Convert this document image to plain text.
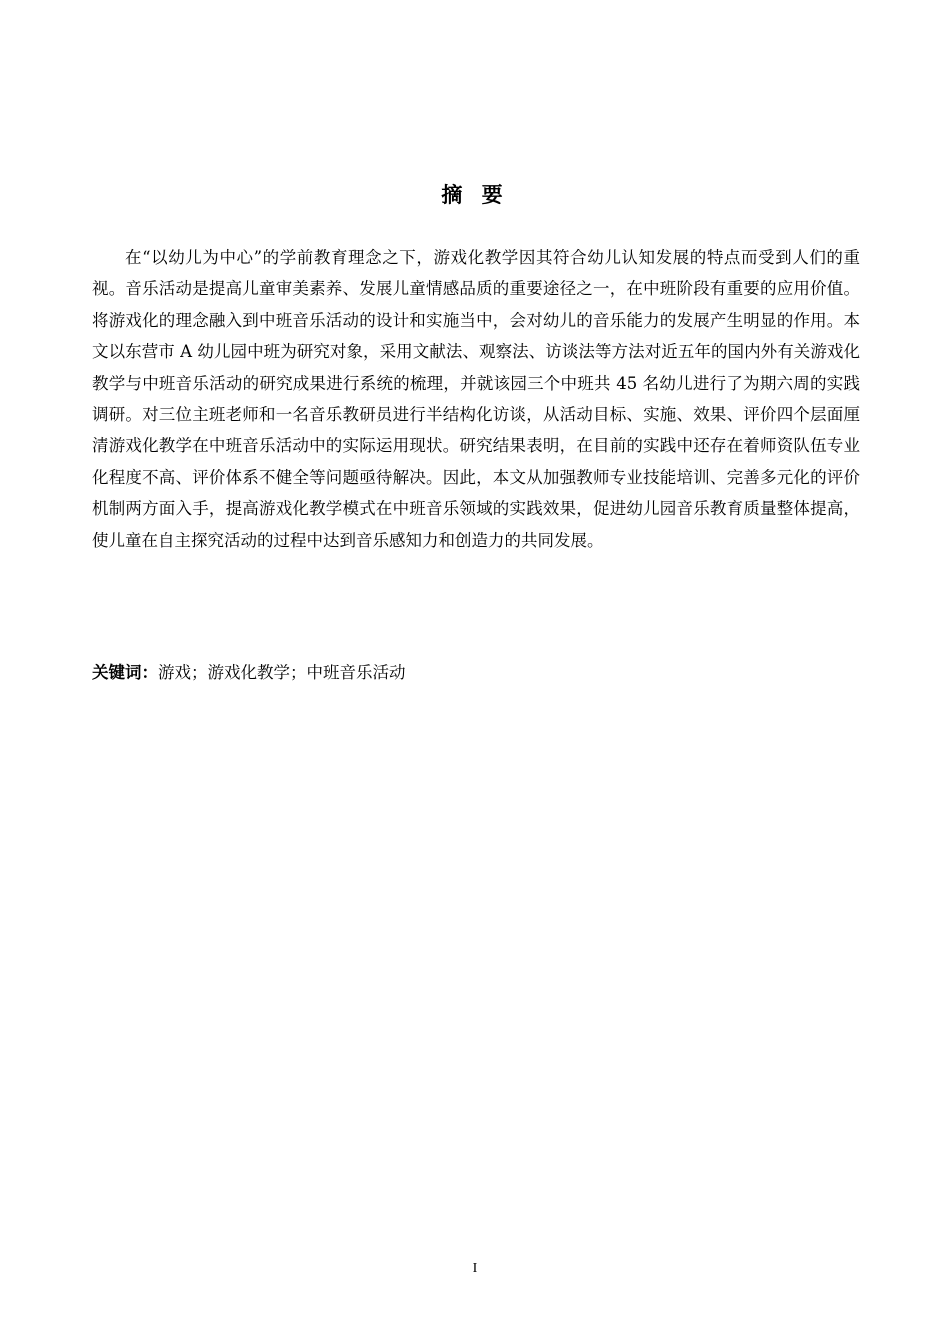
摘 要

在“以幼儿为中心”的学前教育理念之下，游戏化教学因其符合幼儿认知发展的特点而受到人们的重视。音乐活动是提高儿童审美素养、发展儿童情感品质的重要途径之一，在中班阶段有重要的应用价值。将游戏化的理念融入到中班音乐活动的设计和实施当中，会对幼儿的音乐能力的发展产生明显的作用。本文以东营市 A 幼儿园中班为研究对象，采用文献法、观察法、访谈法等方法对近五年的国内外有关游戏化教学与中班音乐活动的研究成果进行系统的梳理，并就该园三个中班共 45 名幼儿进行了为期六周的实践调研。对三位主班老师和一名音乐教研员进行半结构化访谈，从活动目标、实施、效果、评价四个层面厘清游戏化教学在中班音乐活动中的实际运用现状。研究结果表明，在目前的实践中还存在着师资队伍专业化程度不高、评价体系不健全等问题亟待解决。因此，本文从加强教师专业技能培训、完善多元化的评价机制两方面入手，提高游戏化教学模式在中班音乐领域的实践效果，促进幼儿园音乐教育质量整体提高，使儿童在自主探究活动的过程中达到音乐感知力和创造力的共同发展。

关键词：游戏；游戏化教学；中班音乐活动

I
